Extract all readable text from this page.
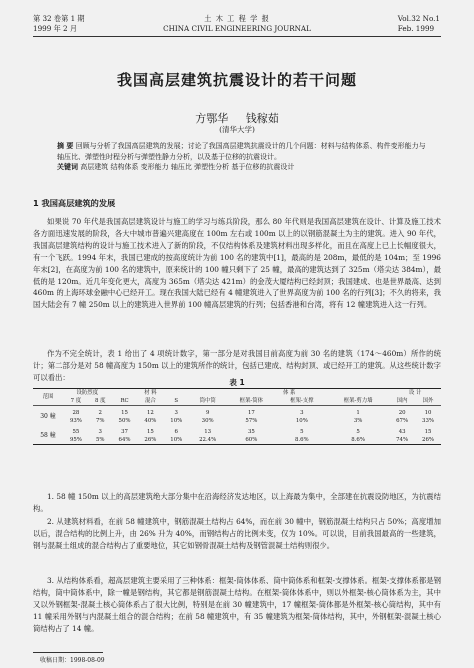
第 32 卷第 1 期
1999 年 2 月
土 木 工 程 学 报
CHINA CIVIL ENGINEERING JOURNAL
Vol.32 No.1
Feb. 1999
我国高层建筑抗震设计的若干问题
方鄂华 钱稼茹
(清华大学)
摘 要 回顾与分析了我国高层建筑的发展；讨论了我国高层建筑抗震设计的几个问题：材料与结构体系、构件变形能力与轴压比、弹塑性时程分析与弹塑性静力分析，以及基于位移的抗震设计。
关键词 高层建筑 结构体系 变形能力 轴压比 弹塑性分析 基于位移的抗震设计
1 我国高层建筑的发展

如果说 70 年代是我国高层建筑设计与施工的学习与练兵阶段，那么 80 年代则是我国高层建筑在设计、计算及施工技术各方面迅速发展的阶段，各大中城市普遍兴建高度在 100m 左右或 100m 以上的以钢筋混凝土为主的建筑。进入 90 年代，我国高层建筑结构的设计与施工技术进入了新的阶段，不仅结构体系及建筑材料出现多样化，而且在高度上已上长幅度很大，有一个飞跃。1994 年末，我国已建成的按高度统计为前 100 名的建筑中[1]，最高的是 208m，最低的是 104m；至 1996 年末[2]，在高度为前 100 名的建筑中，原来统计的 100 幢只剩下了 25 幢，最高的建筑达到了 325m（塔尖达 384m），最低的是 120m。近几年变化更大，高度为 365m（塔尖达 421m）的金茂大厦结构已经封顶；我国建成、也是世界最高、达到 460m 的上海环球金融中心已经开工。现在我国大陆已经有 4 幢建筑进入了世界高度为前 100 名的行列[3]；不久的将来，我国大陆会有 7 幢 250m 以上的建筑进入世界前 100 幢高层建筑的行列；包括香港和台湾，将有 12 幢建筑进入这一行列。

作为不完全统计，表 1 给出了 4 项统计数字，第一部分是对我国目前高度为前 30 名的建筑（174～460m）所作的统计；第二部分是对 58 幢高度为 150m 以上的建筑所作的统计，包括已建成、结构封顶、或已经开工的建筑。从这些统计数字可以看出：

表 1
范围	设防烈度		材 料			体 系				设 计	
	7 度	8 度	RC	混合	S	筒中筒	框架-筒体	框架-支撑	框架-剪力墙	国内	国外
30 幢	28	2	15	12	3	9	17	3	1	20	10
	93%	7%	50%	40%	10%	30%	57%	10%	3%	67%	33%
58 幢	55	3	37	15	6	13	35	5	5	43	15
	95%	5%	64%	26%	10%	22.4%	60%	8.6%	8.6%	74%	26%

1. 58 幢 150m 以上的高层建筑绝大部分集中在沿海经济发达地区，以上海最为集中，全部建在抗震设防地区，为抗震结构。

2. 从建筑材料看，在前 58 幢建筑中，钢筋混凝土结构占 64%，而在前 30 幢中，钢筋混凝土结构只占 50%；高度增加以后，混合结构的比例上升，由 26% 升为 40%，而钢结构占的比例未变，仅为 10%。可以说，目前我国最高的一些建筑，钢与混凝土组成的混合结构占了重要地位，其它如钢骨混凝土结构及钢管混凝土结构则很少。

3. 从结构体系看，超高层建筑主要采用了三种体系：框架-筒体体系、筒中筒体系和框架-支撑体系。框架-支撑体系都是钢结构，筒中筒体系中，除一幢是钢结构，其它都是钢筋混凝土结构。在框架-筒体体系中，则以外框架-核心筒体系为主，其中又以外钢框架-混凝土核心筒体系占了很大比例，特别是在前 30 幢建筑中，17 幢框架-筒体都是外框架-核心筒结构，其中有 11 幢采用外钢与内混凝土组合的混合结构；在前 58 幢建筑中，有 35 幢建筑为框架-筒体结构，其中，外钢框架-混凝土核心筒结构占了 14 幢。

收稿日期：1998-08-09
